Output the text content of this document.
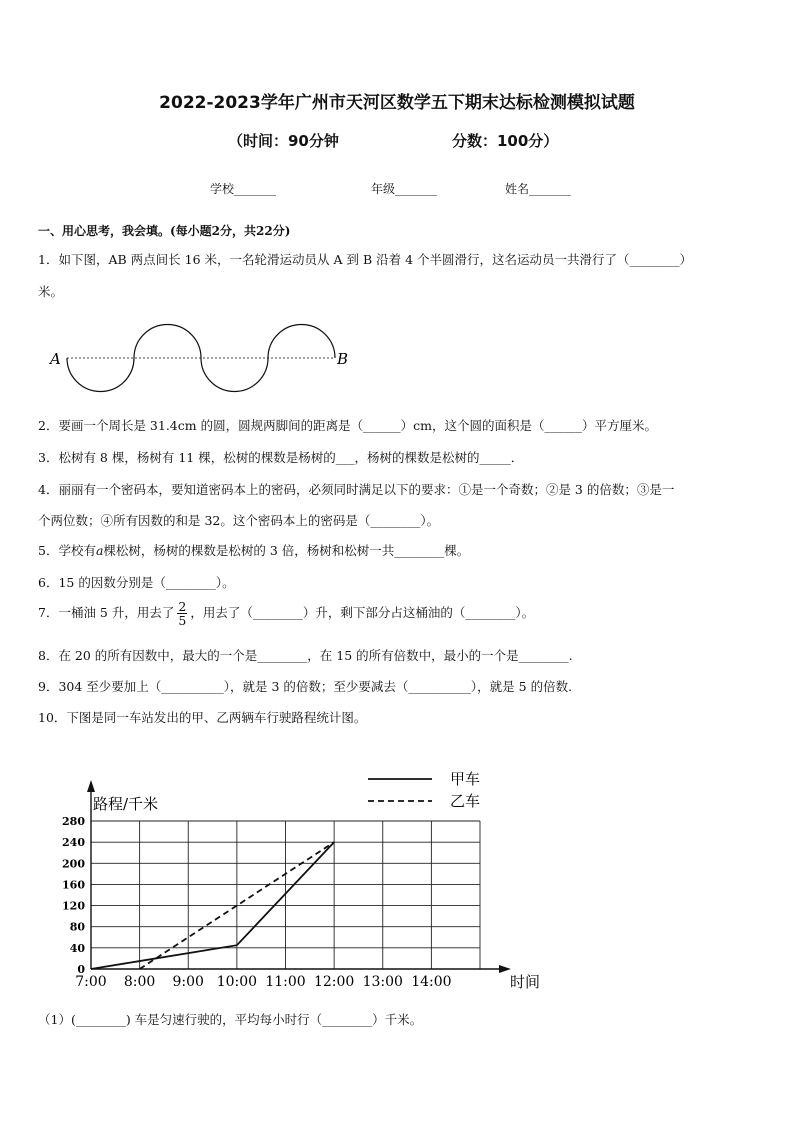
2022-2023学年广州市天河区数学五下期末达标检测模拟试题
（时间：90分钟	分数：100分）
学校_______	年级_______	姓名_______
一、用心思考，我会填。(每小题2分，共22分)
1．如下图，AB 两点间长 16 米，一名轮滑运动员从 A 到 B 沿着 4 个半圆滑行，这名运动员一共滑行了（________）
米。
A	B
2．要画一个周长是 31.4cm 的圆，圆规两脚间的距离是（______）cm，这个圆的面积是（______）平方厘米。
3．松树有 8 棵，杨树有 11 棵，松树的棵数是杨树的___，杨树的棵数是松树的_____．
4．丽丽有一个密码本，要知道密码本上的密码，必须同时满足以下的要求：①是一个奇数；②是 3 的倍数；③是一
个两位数；④所有因数的和是 32。这个密码本上的密码是（________）。
5．学校有a棵松树，杨树的棵数是松树的 3 倍，杨树和松树一共________棵。
6．15 的因数分别是（________）。
7．一桶油 5 升，用去了 $\frac{2}{5}$ ，用去了（________）升，剩下部分占这桶油的（________）。
8．在 20 的所有因数中，最大的一个是________，在 15 的所有倍数中，最小的一个是________.
9．304 至少要加上（__________），就是 3 的倍数；至少要减去（__________），就是 5 的倍数.
10．下图是同一车站发出的甲、乙两辆车行驶路程统计图。
0
40
80
120
160
200
240
280
7:00 8:00 9:00 10:00 11:00 12:00 13:00 14:00
路程/千米
时间
甲车
乙车
（1）(________) 车是匀速行驶的，平均每小时行（________）千米。
